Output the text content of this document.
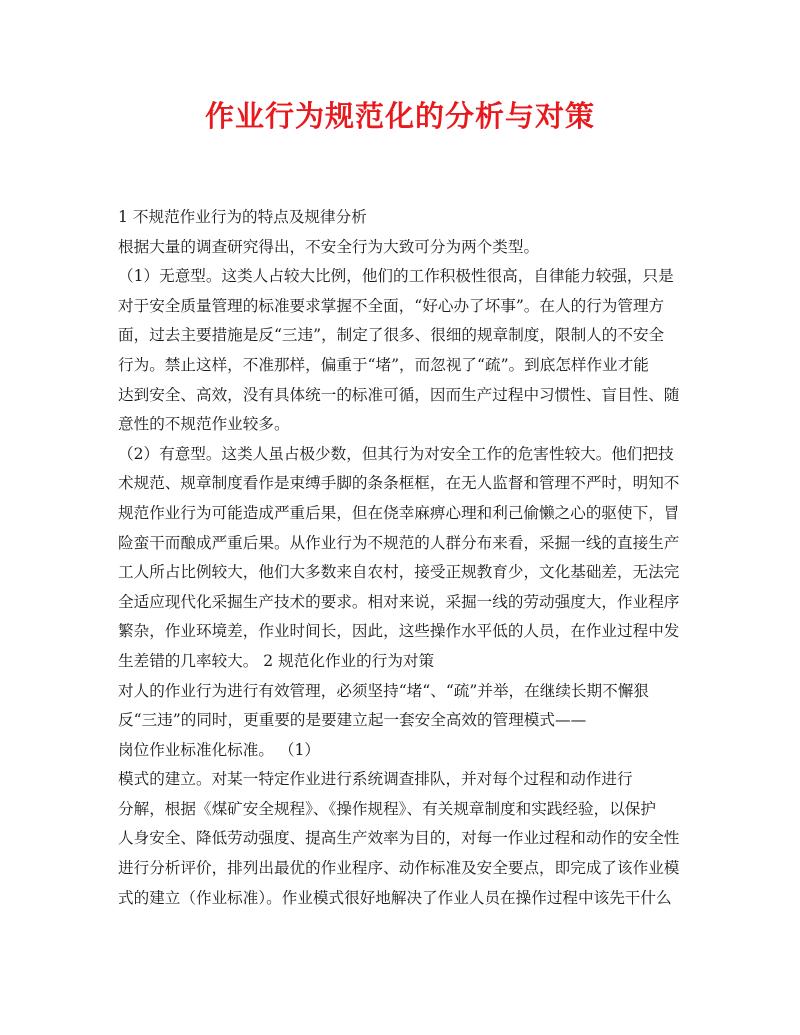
作业行为规范化的分析与对策
1 不规范作业行为的特点及规律分析
根据大量的调查研究得出，不安全行为大致可分为两个类型。
（1）无意型。这类人占较大比例，他们的工作积极性很高，自律能力较强，只是
对于安全质量管理的标准要求掌握不全面，“好心办了坏事”。在人的行为管理方
面，过去主要措施是反“三违”，制定了很多、很细的规章制度，限制人的不安全
行为。禁止这样，不准那样，偏重于“堵”，而忽视了“疏”。到底怎样作业才能
达到安全、高效，没有具体统一的标准可循，因而生产过程中习惯性、盲目性、随
意性的不规范作业较多。
（2）有意型。这类人虽占极少数，但其行为对安全工作的危害性较大。他们把技
术规范、规章制度看作是束缚手脚的条条框框，在无人监督和管理不严时，明知不
规范作业行为可能造成严重后果，但在侥幸麻痹心理和利己偷懒之心的驱使下，冒
险蛮干而酿成严重后果。从作业行为不规范的人群分布来看，采掘一线的直接生产
工人所占比例较大，他们大多数来自农村，接受正规教育少，文化基础差，无法完
全适应现代化采掘生产技术的要求。相对来说，采掘一线的劳动强度大，作业程序
繁杂，作业环境差，作业时间长，因此，这些操作水平低的人员，在作业过程中发
生差错的几率较大。 2 规范化作业的行为对策
对人的作业行为进行有效管理，必须坚持“堵“、“疏”并举，在继续长期不懈狠
反“三违”的同时，更重要的是要建立起一套安全高效的管理模式——
岗位作业标准化标准。 （1）
模式的建立。对某一特定作业进行系统调查排队，并对每个过程和动作进行
分解，根据《煤矿安全规程》、《操作规程》、有关规章制度和实践经验，以保护
人身安全、降低劳动强度、提高生产效率为目的，对每一作业过程和动作的安全性
进行分析评价，排列出最优的作业程序、动作标准及安全要点，即完成了该作业模
式的建立（作业标准）。作业模式很好地解决了作业人员在操作过程中该先干什么
